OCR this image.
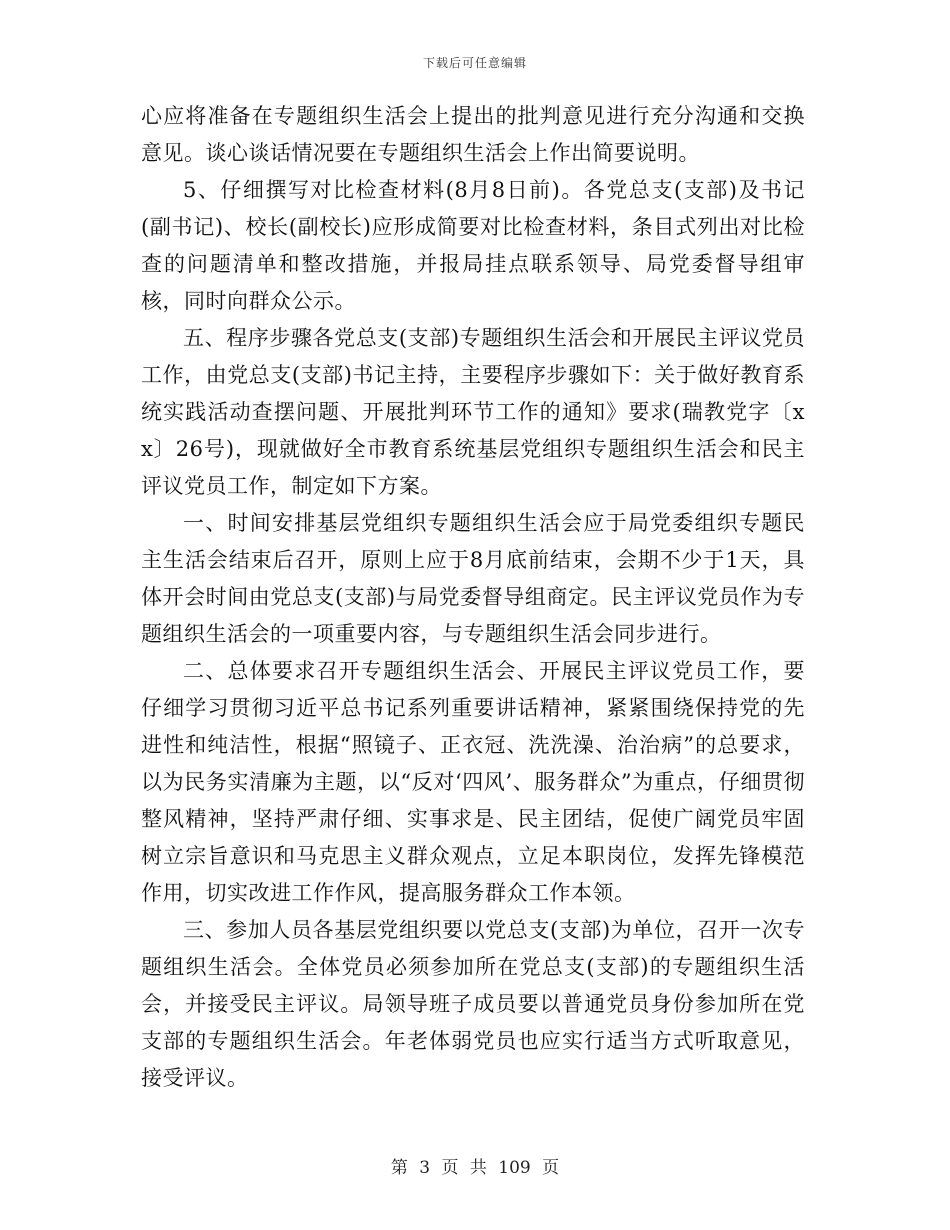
下载后可任意编辑

心应将准备在专题组织生活会上提出的批判意见进行充分沟通和交换意见。谈心谈话情况要在专题组织生活会上作出简要说明。

5、仔细撰写对比检查材料(8月8日前)。各党总支(支部)及书记(副书记)、校长(副校长)应形成简要对比检查材料，条目式列出对比检查的问题清单和整改措施，并报局挂点联系领导、局党委督导组审核，同时向群众公示。

五、程序步骤各党总支(支部)专题组织生活会和开展民主评议党员工作，由党总支(支部)书记主持，主要程序步骤如下：关于做好教育系统实践活动查摆问题、开展批判环节工作的通知》要求(瑞教党字〔xx〕26号)，现就做好全市教育系统基层党组织专题组织生活会和民主评议党员工作，制定如下方案。

一、时间安排基层党组织专题组织生活会应于局党委组织专题民主生活会结束后召开，原则上应于8月底前结束，会期不少于1天，具体开会时间由党总支(支部)与局党委督导组商定。民主评议党员作为专题组织生活会的一项重要内容，与专题组织生活会同步进行。

二、总体要求召开专题组织生活会、开展民主评议党员工作，要仔细学习贯彻习近平总书记系列重要讲话精神，紧紧围绕保持党的先进性和纯洁性，根据“照镜子、正衣冠、洗洗澡、治治病”的总要求，以为民务实清廉为主题，以“反对‘四风’、服务群众”为重点，仔细贯彻整风精神，坚持严肃仔细、实事求是、民主团结，促使广阔党员牢固树立宗旨意识和马克思主义群众观点，立足本职岗位，发挥先锋模范作用，切实改进工作作风，提高服务群众工作本领。

三、参加人员各基层党组织要以党总支(支部)为单位，召开一次专题组织生活会。全体党员必须参加所在党总支(支部)的专题组织生活会，并接受民主评议。局领导班子成员要以普通党员身份参加所在党支部的专题组织生活会。年老体弱党员也应实行适当方式听取意见，接受评议。

第 3 页 共 109 页
